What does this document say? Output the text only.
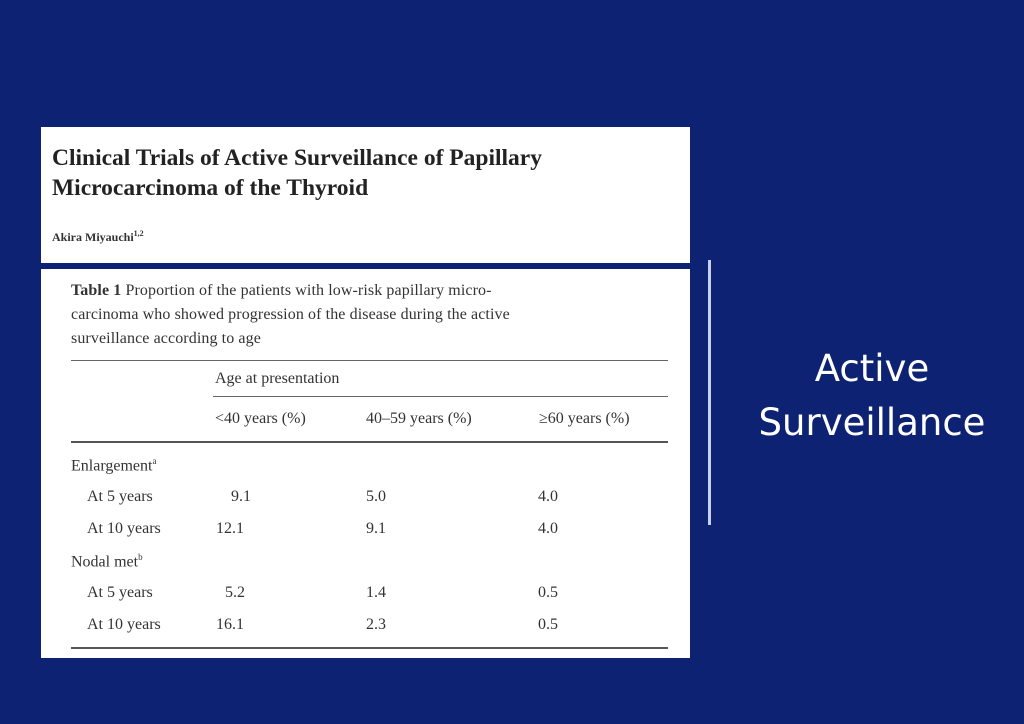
Clinical Trials of Active Surveillance of Papillary
Microcarcinoma of the Thyroid
Akira Miyauchi$^{1,2}$
Table 1 Proportion of the patients with low-risk papillary micro-
carcinoma who showed progression of the disease during the active
surveillance according to age
Age at presentation
<40 years (%)	40–59 years (%)	≥60 years (%)
Enlargement$^a$
At 5 years	9.1	5.0	4.0
At 10 years	12.1	9.1	4.0
Nodal met$^b$
At 5 years	5.2	1.4	0.5
At 10 years	16.1	2.3	0.5
Active
Surveillance
